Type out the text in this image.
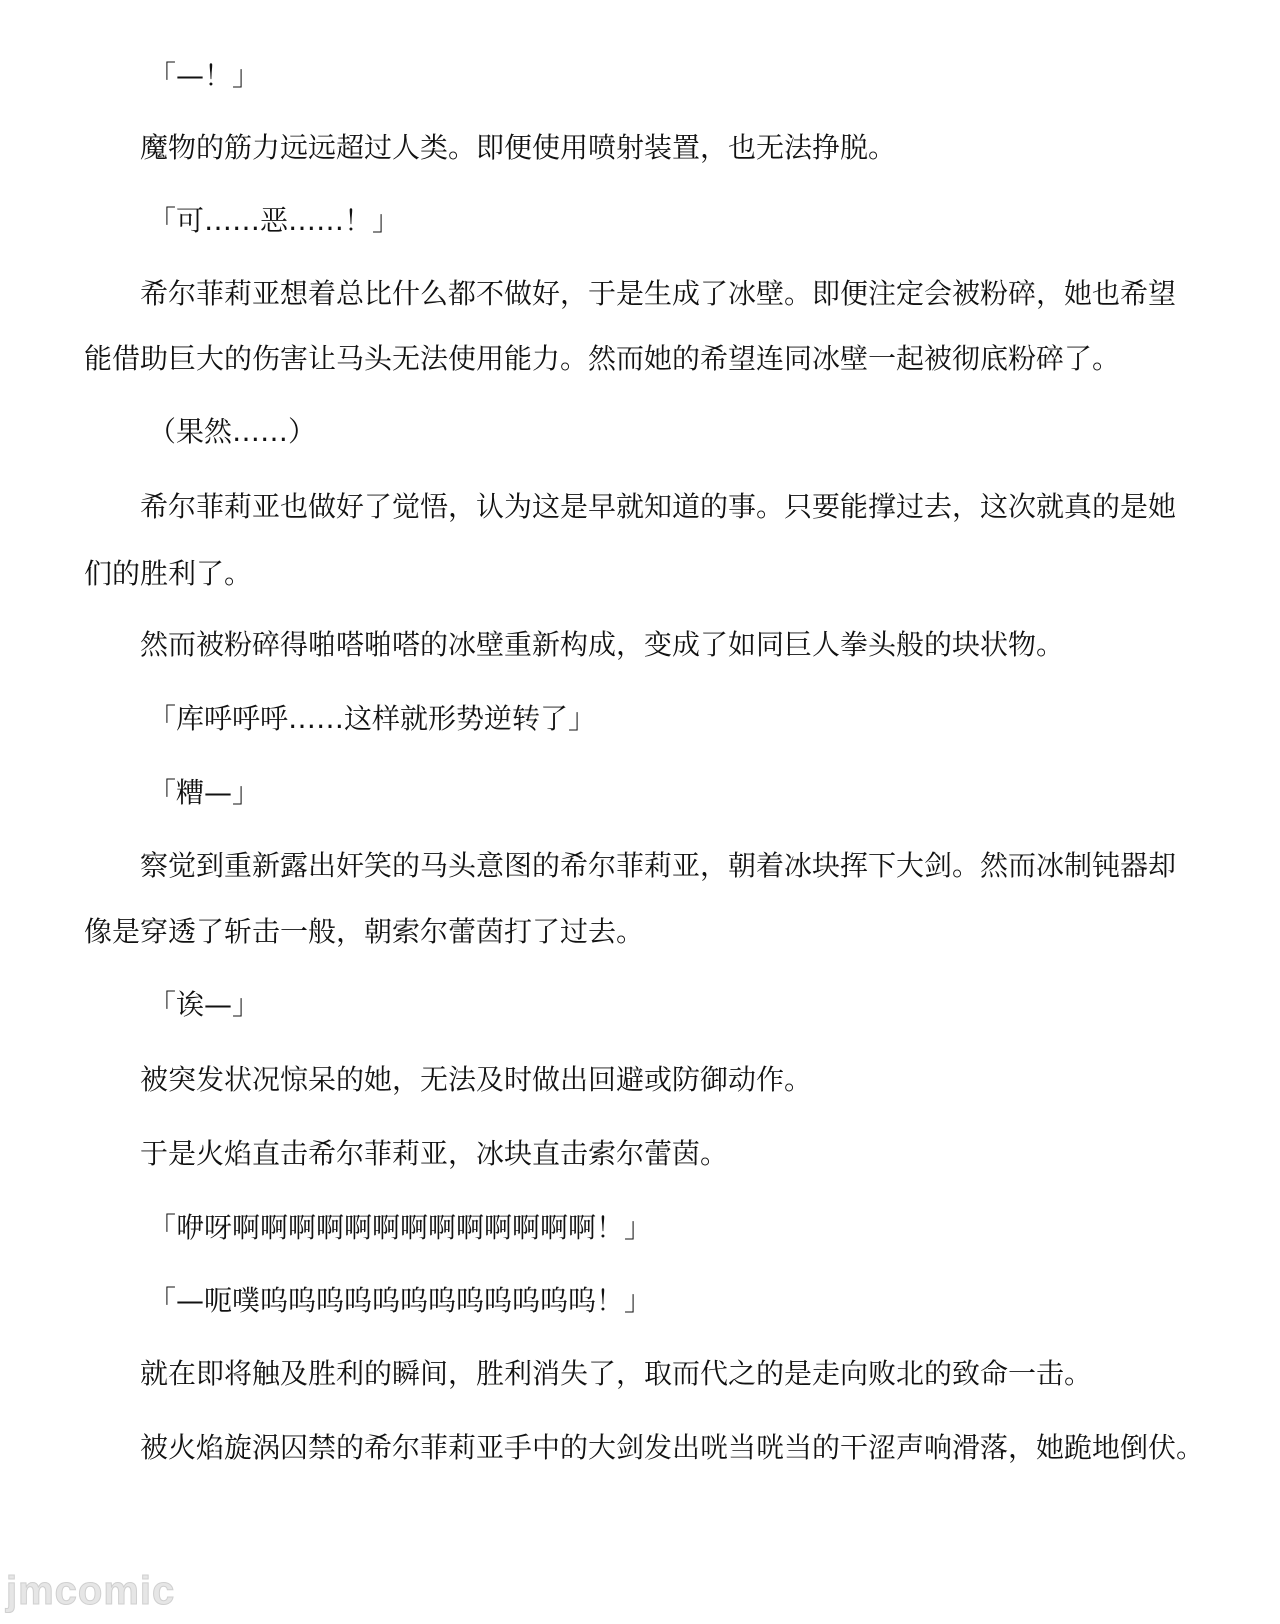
「—！」
魔物的筋力远远超过人类。即便使用喷射装置，也无法挣脱。
「可……恶……！」
希尔菲莉亚想着总比什么都不做好，于是生成了冰壁。即便注定会被粉碎，她也希望
能借助巨大的伤害让马头无法使用能力。然而她的希望连同冰壁一起被彻底粉碎了。
（果然……）
希尔菲莉亚也做好了觉悟，认为这是早就知道的事。只要能撑过去，这次就真的是她
们的胜利了。
然而被粉碎得啪嗒啪嗒的冰壁重新构成，变成了如同巨人拳头般的块状物。
「库呼呼呼……这样就形势逆转了」
「糟—」
察觉到重新露出奸笑的马头意图的希尔菲莉亚，朝着冰块挥下大剑。然而冰制钝器却
像是穿透了斩击一般，朝索尔蕾茵打了过去。
「诶—」
被突发状况惊呆的她，无法及时做出回避或防御动作。
于是火焰直击希尔菲莉亚，冰块直击索尔蕾茵。
「咿呀啊啊啊啊啊啊啊啊啊啊啊啊啊！」
「—呃噗呜呜呜呜呜呜呜呜呜呜呜呜！」
就在即将触及胜利的瞬间，胜利消失了，取而代之的是走向败北的致命一击。
被火焰旋涡囚禁的希尔菲莉亚手中的大剑发出咣当咣当的干涩声响滑落，她跪地倒伏。
jmcomic
